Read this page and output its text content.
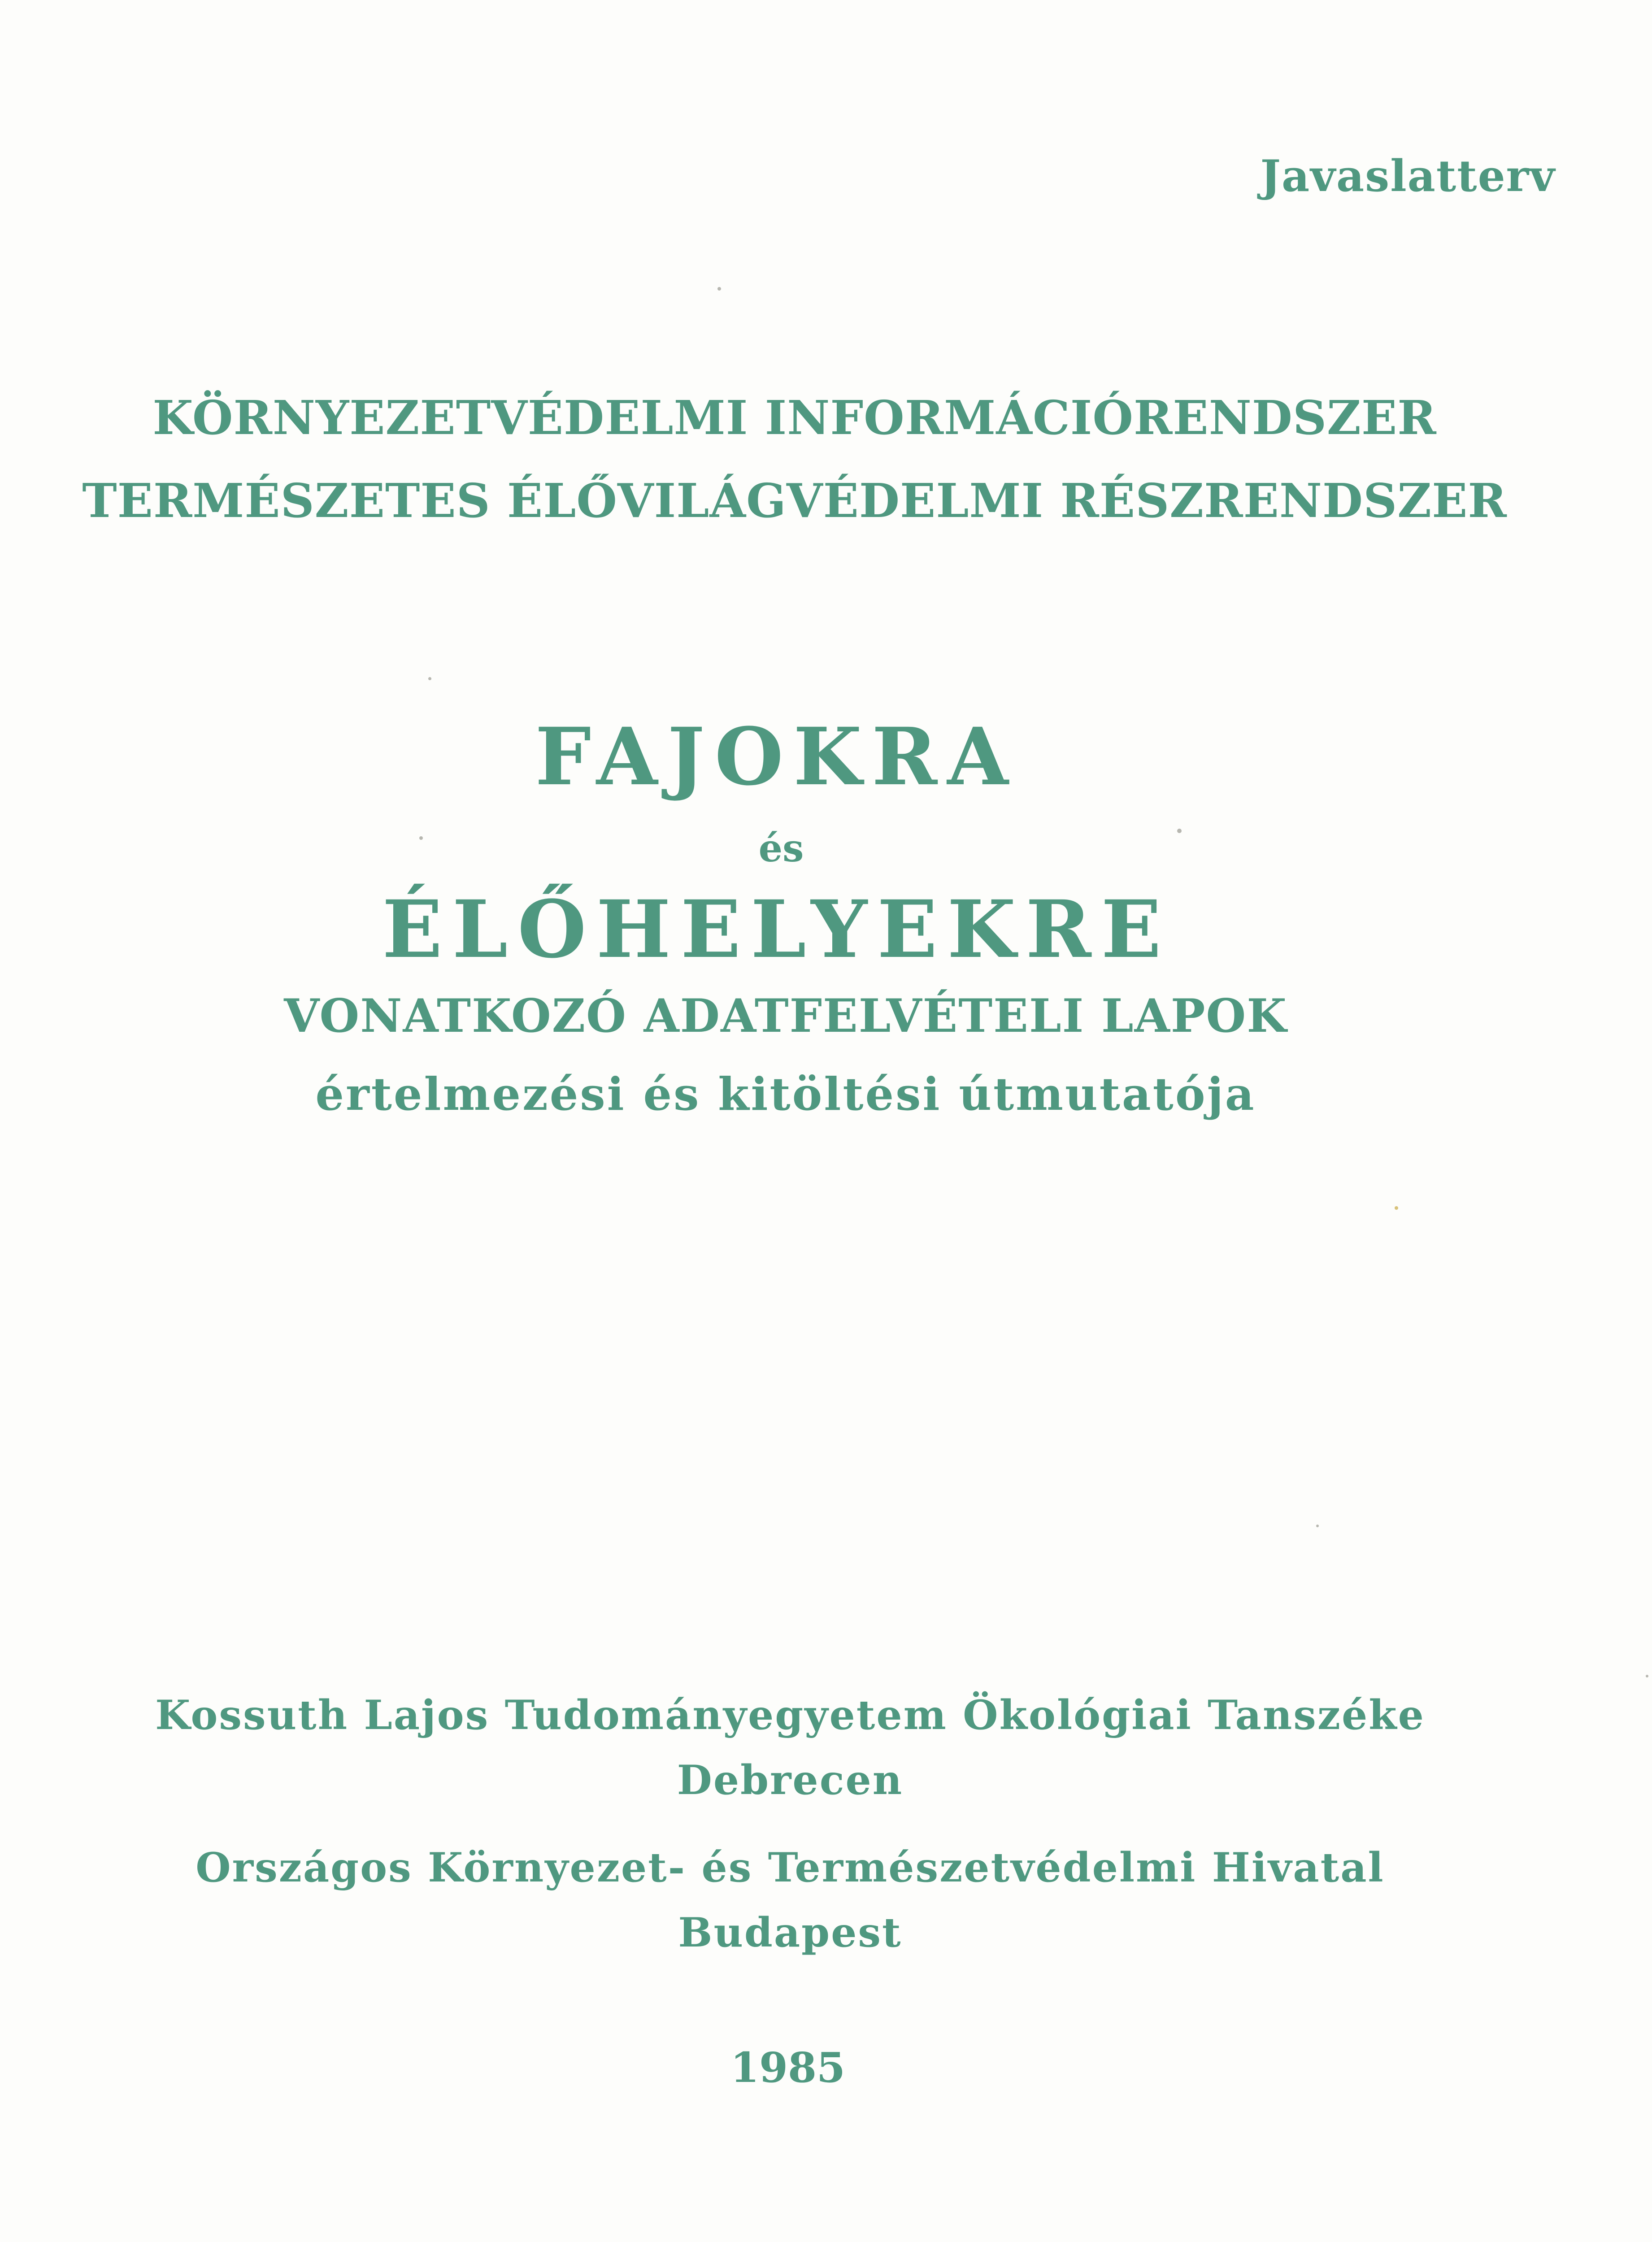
Javaslatterv
KÖRNYEZETVÉDELMI INFORMÁCIÓRENDSZER
TERMÉSZETES ÉLŐVILÁGVÉDELMI RÉSZRENDSZER
FAJOKRA
és
ÉLŐHELYEKRE
VONATKOZÓ ADATFELVÉTELI LAPOK
értelmezési és kitöltési útmutatója
Kossuth Lajos Tudományegyetem Ökológiai Tanszéke
Debrecen
Országos Környezet- és Természetvédelmi Hivatal
Budapest
1985
